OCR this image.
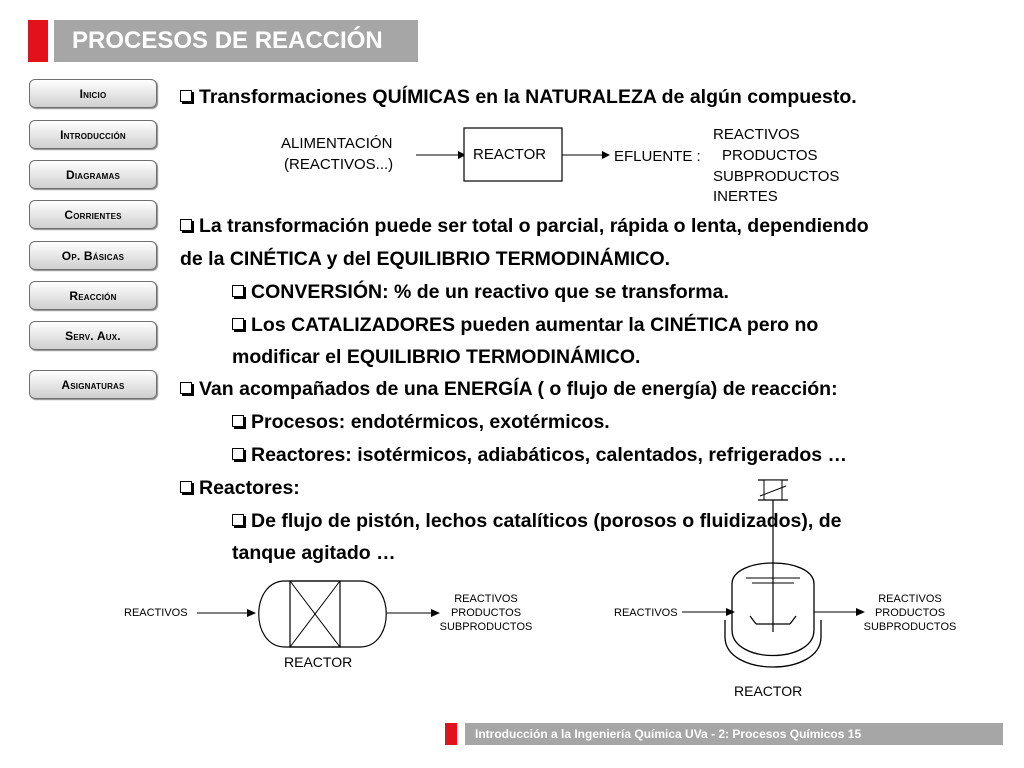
PROCESOS DE REACCIÓN
Inicio
Introducción
Diagramas
Corrientes
Op. Básicas
Reacción
Serv. Aux.
Asignaturas
Transformaciones QUÍMICAS en la NATURALEZA de algún compuesto.
La transformación puede ser total o parcial, rápida o lenta, dependiendo
de la CINÉTICA y del EQUILIBRIO TERMODINÁMICO.
CONVERSIÓN: % de un reactivo que se transforma.
Los CATALIZADORES pueden aumentar la CINÉTICA pero no
modificar el EQUILIBRIO TERMODINÁMICO.
Van acompañados de una ENERGÍA ( o flujo de energía) de reacción:
Procesos: endotérmicos, exotérmicos.
Reactores: isotérmicos, adiabáticos, calentados, refrigerados …
Reactores:
De flujo de pistón, lechos catalíticos (porosos o fluidizados), de
tanque agitado …
ALIMENTACIÓN
(REACTIVOS...)
REACTOR	EFLUENTE :
REACTIVOS
PRODUCTOS
SUBPRODUCTOS
INERTES
REACTIVOS
REACTIVOS
PRODUCTOS
SUBPRODUCTOS
REACTOR
REACTIVOS
REACTIVOS
PRODUCTOS
SUBPRODUCTOS
REACTOR
Introducción a la Ingeniería Química UVa - 2: Procesos Químicos 15
